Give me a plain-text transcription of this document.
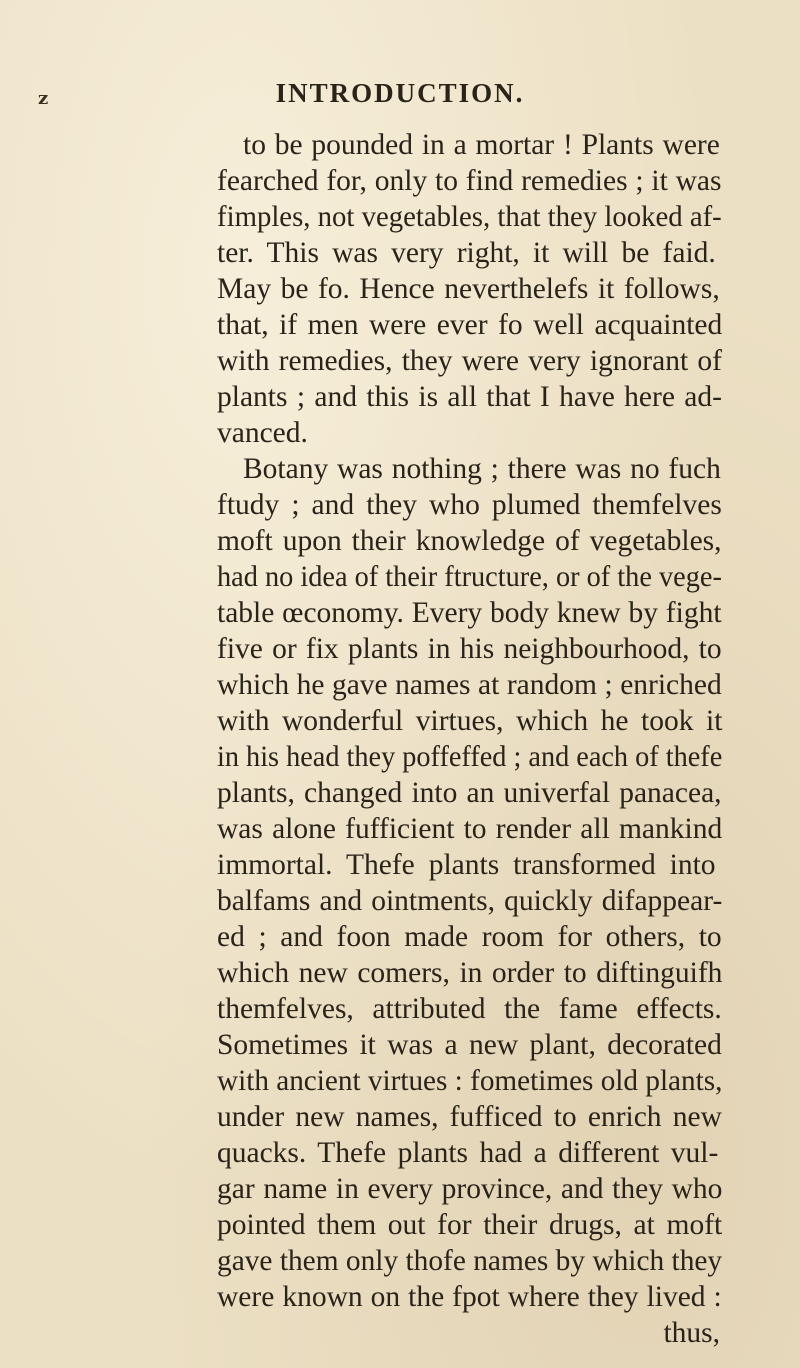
z	INTRODUCTION.
to be pounded in a mortar ! Plants were
fearched for, only to find remedies ; it was
fimples, not vegetables, that they looked af-
ter. This was very right, it will be faid.
May be fo. Hence neverthelefs it follows,
that, if men were ever fo well acquainted
with remedies, they were very ignorant of
plants ; and this is all that I have here ad-
vanced.
Botany was nothing ; there was no fuch
ftudy ; and they who plumed themfelves
moft upon their knowledge of vegetables,
had no idea of their ftructure, or of the vege-
table œconomy. Every body knew by fight
five or fix plants in his neighbourhood, to
which he gave names at random ; enriched
with wonderful virtues, which he took it
in his head they poffeffed ; and each of thefe
plants, changed into an univerfal panacea,
was alone fufficient to render all mankind
immortal. Thefe plants transformed into
balfams and ointments, quickly difappear-
ed ; and foon made room for others, to
which new comers, in order to diftinguifh
themfelves, attributed the fame effects.
Sometimes it was a new plant, decorated
with ancient virtues : fometimes old plants,
under new names, fufficed to enrich new
quacks. Thefe plants had a different vul-
gar name in every province, and they who
pointed them out for their drugs, at moft
gave them only thofe names by which they
were known on the fpot where they lived :
thus,
